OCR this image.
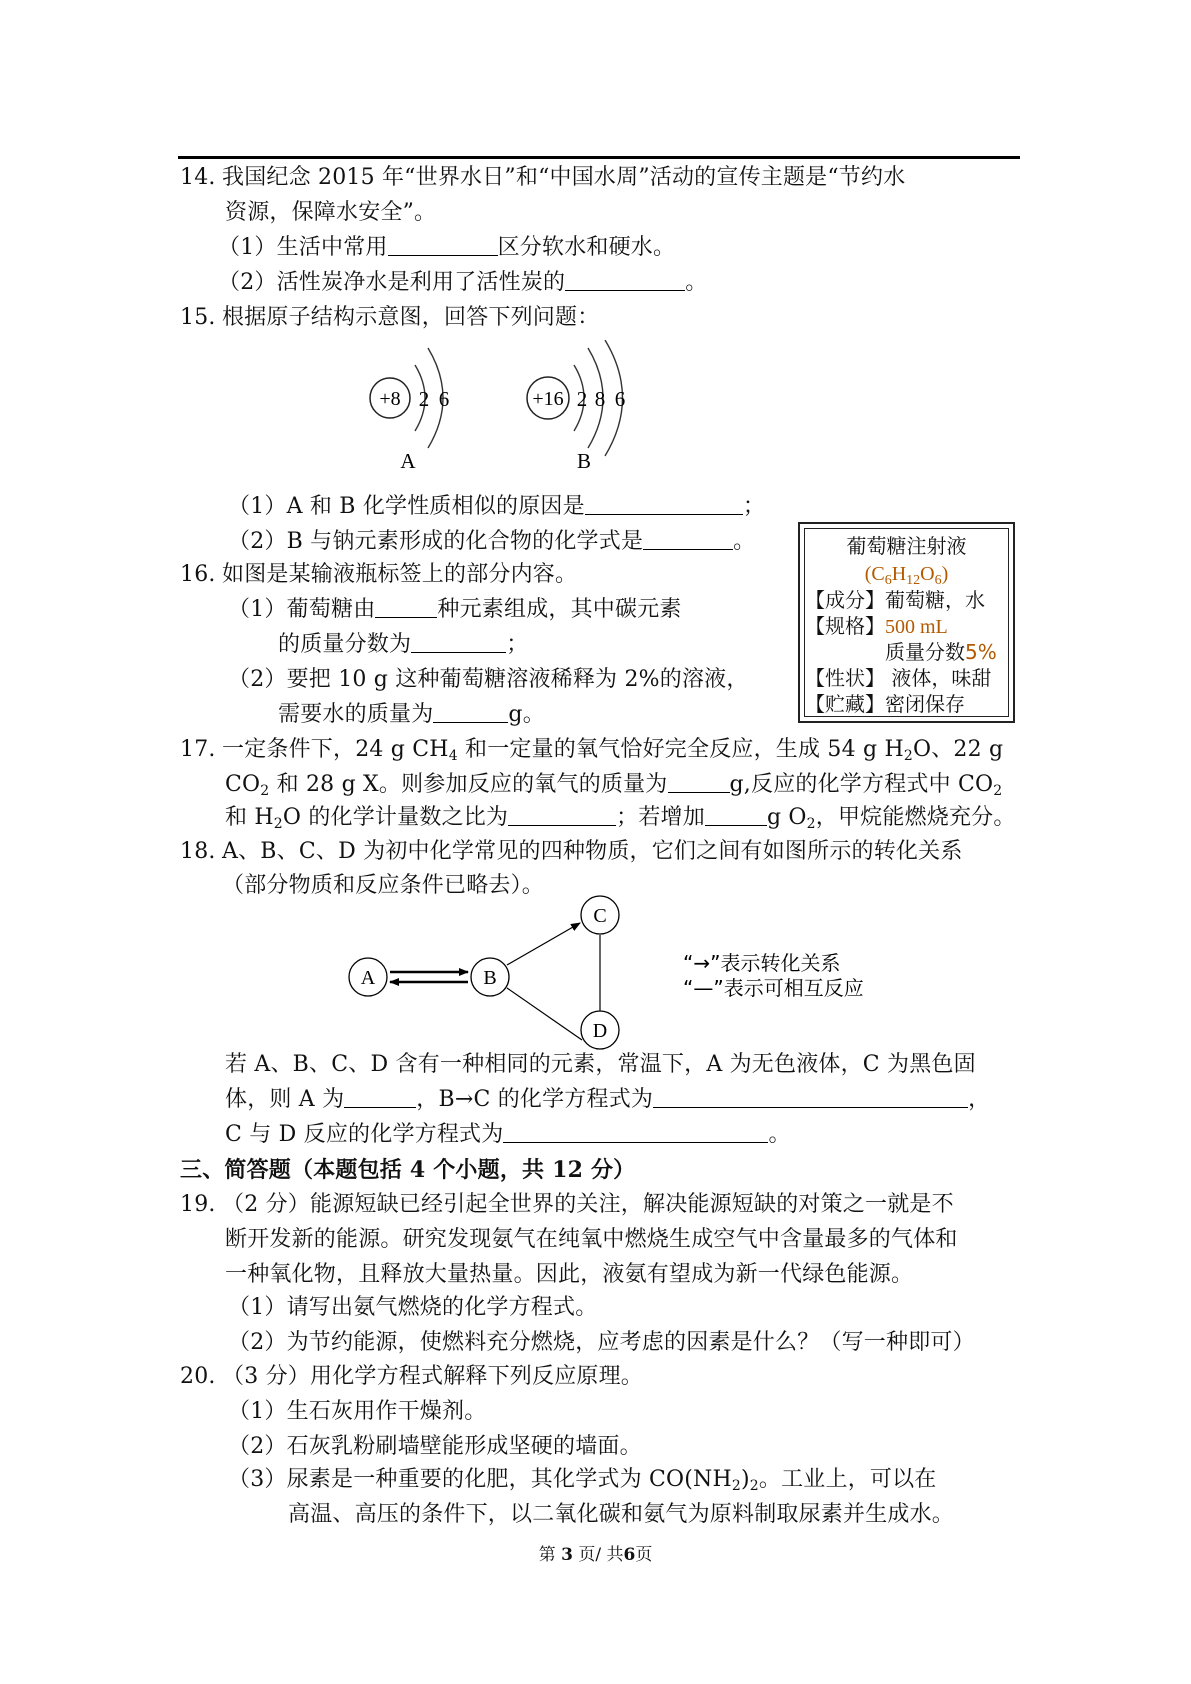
14. 我国纪念 2015 年“世界水日”和“中国水周”活动的宣传主题是“节约水
资源，保障水安全”。
（1）生活中常用	区分软水和硬水。
（2）活性炭净水是利用了活性炭的	。
15. 根据原子结构示意图，回答下列问题：
+8 2 6
A
+16 2 8 6
B
（1）A 和 B 化学性质相似的原因是	；
（2）B 与钠元素形成的化合物的化学式是	。
16. 如图是某输液瓶标签上的部分内容。
（1）葡萄糖由	种元素组成，其中碳元素
的质量分数为	；
（2）要把 10 g 这种葡萄糖溶液稀释为 2%的溶液，
需要水的质量为	g。
葡萄糖注射液
$(C_6H_{12}O_6)$
【成分】葡萄糖，水
【规格】500 mL
质量分数5%
【性状】 液体，味甜
【贮藏】密闭保存
17. 一定条件下，24 g $CH_4$ 和一定量的氧气恰好完全反应，生成 54 g $H_2O$、22 g
$CO_2$ 和 28 g X。则参加反应的氧气的质量为	g,反应的化学方程式中 $CO_2$
和 $H_2O$ 的化学计量数之比为	；若增加	g $O_2$，甲烷能燃烧充分。
18. A、B、C、D 为初中化学常见的四种物质，它们之间有如图所示的转化关系
（部分物质和反应条件已略去）。
A	B
C
D
“→”表示转化关系
“—”表示可相互反应
若 A、B、C、D 含有一种相同的元素，常温下，A 为无色液体，C 为黑色固
体，则 A 为	，B→C 的化学方程式为	，
C 与 D 反应的化学方程式为	。
三、简答题（本题包括 4 个小题，共 12 分）
19. （2 分）能源短缺已经引起全世界的关注，解决能源短缺的对策之一就是不
断开发新的能源。研究发现氨气在纯氧中燃烧生成空气中含量最多的气体和
一种氧化物，且释放大量热量。因此，液氨有望成为新一代绿色能源。
（1）请写出氨气燃烧的化学方程式。
（2）为节约能源，使燃料充分燃烧，应考虑的因素是什么？（写一种即可）
20. （3 分）用化学方程式解释下列反应原理。
（1）生石灰用作干燥剂。
（2）石灰乳粉刷墙壁能形成坚硬的墙面。
（3）尿素是一种重要的化肥，其化学式为 $CO(NH_2)_2$。工业上，可以在
高温、高压的条件下，以二氧化碳和氨气为原料制取尿素并生成水。
第 3 页/ 共6页
